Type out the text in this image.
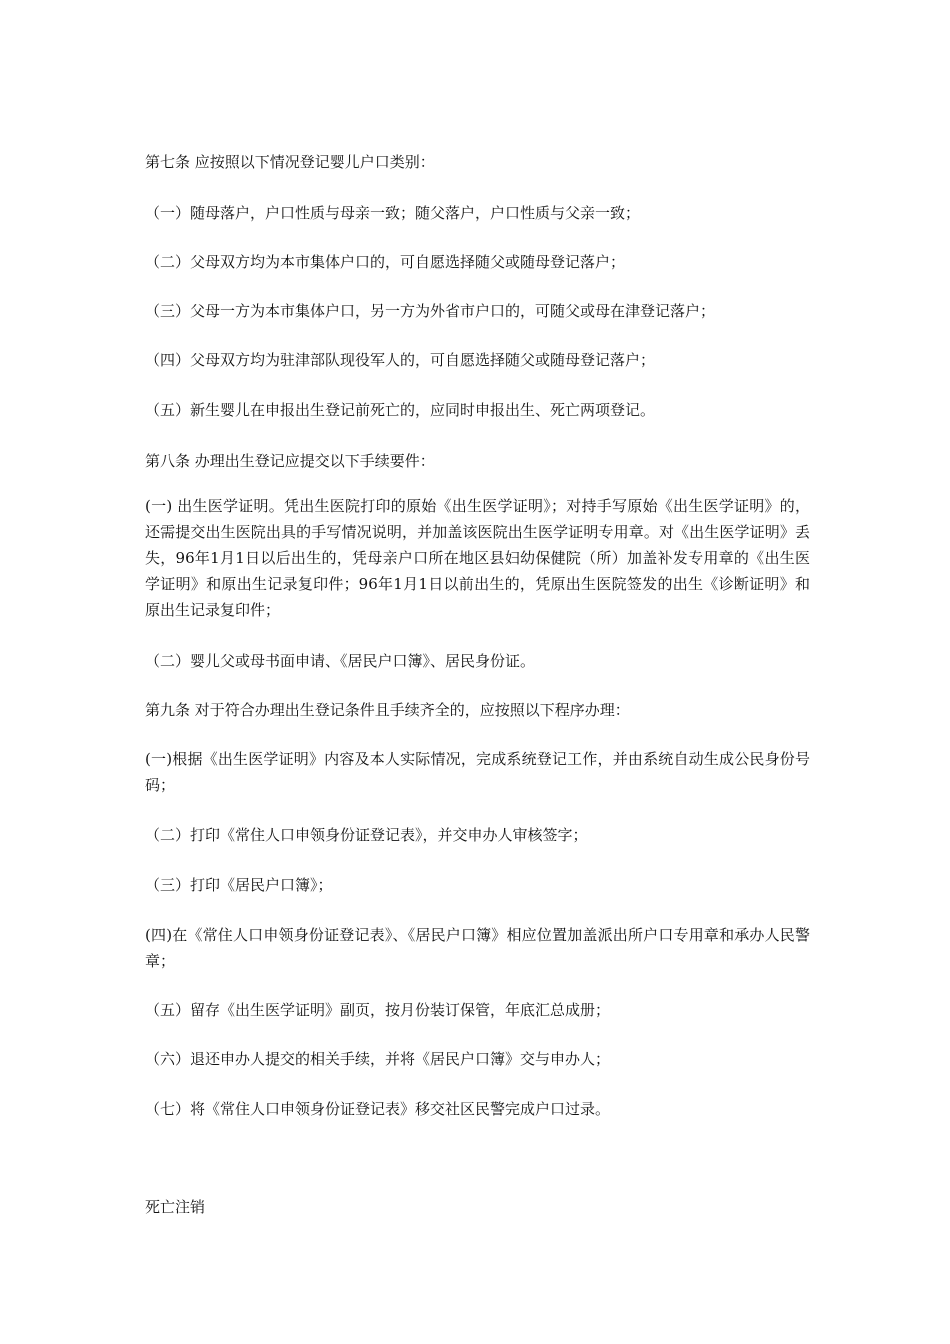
第七条 应按照以下情况登记婴儿户口类别：

（一）随母落户，户口性质与母亲一致；随父落户，户口性质与父亲一致；

（二）父母双方均为本市集体户口的，可自愿选择随父或随母登记落户；

（三）父母一方为本市集体户口，另一方为外省市户口的，可随父或母在津登记落户；

（四）父母双方均为驻津部队现役军人的，可自愿选择随父或随母登记落户；

（五）新生婴儿在申报出生登记前死亡的，应同时申报出生、死亡两项登记。

第八条 办理出生登记应提交以下手续要件：

(一) 出生医学证明。凭出生医院打印的原始《出生医学证明》；对持手写原始《出生医学证明》的，还需提交出生医院出具的手写情况说明，并加盖该医院出生医学证明专用章。对《出生医学证明》丢失，96年1月1日以后出生的，凭母亲户口所在地区县妇幼保健院（所）加盖补发专用章的《出生医学证明》和原出生记录复印件；96年1月1日以前出生的，凭原出生医院签发的出生《诊断证明》和原出生记录复印件；

（二）婴儿父或母书面申请、《居民户口簿》、居民身份证。

第九条 对于符合办理出生登记条件且手续齐全的，应按照以下程序办理：

(一)根据《出生医学证明》内容及本人实际情况，完成系统登记工作，并由系统自动生成公民身份号码；

（二）打印《常住人口申领身份证登记表》，并交申办人审核签字；

（三）打印《居民户口簿》；

(四)在《常住人口申领身份证登记表》、《居民户口簿》相应位置加盖派出所户口专用章和承办人民警章；

（五）留存《出生医学证明》副页，按月份装订保管，年底汇总成册；

（六）退还申办人提交的相关手续，并将《居民户口簿》交与申办人；

（七）将《常住人口申领身份证登记表》移交社区民警完成户口过录。

死亡注销
